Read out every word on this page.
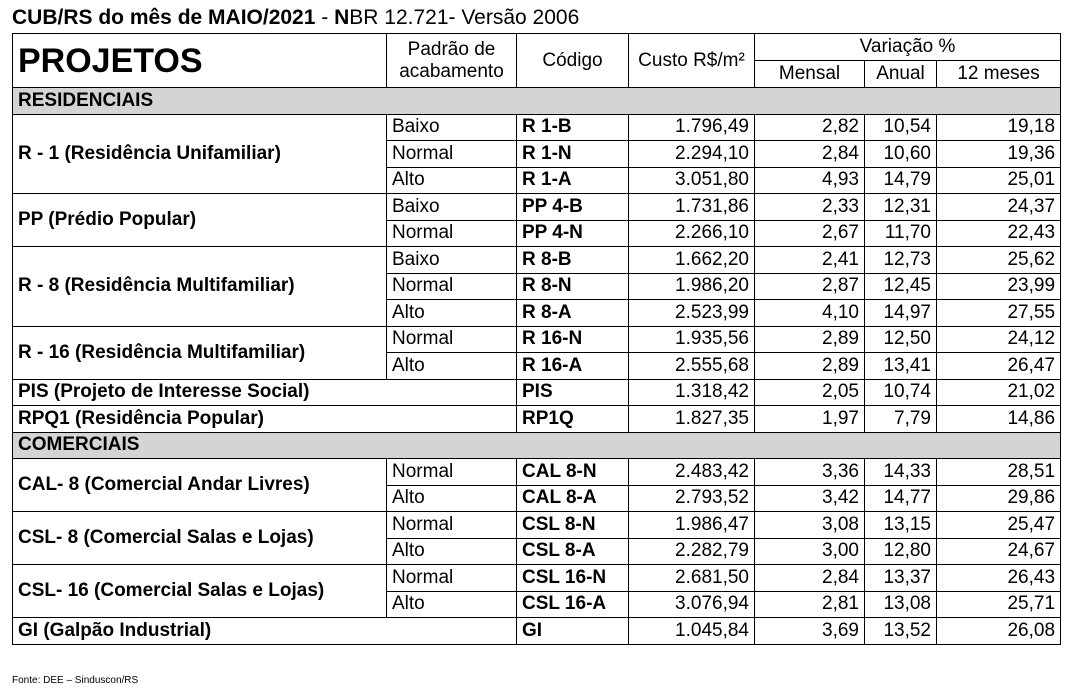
CUB/RS do mês de MAIO/2021 - NBR 12.721- Versão 2006
PROJETOS	Padrão de acabamento	Código	Custo R$/m²	Variação %		
				Mensal	Anual	12 meses
RESIDENCIAIS						
R - 1 (Residência Unifamiliar)	Baixo	R 1-B	1.796,49	2,82	10,54	19,18
	Normal	R 1-N	2.294,10	2,84	10,60	19,36
	Alto	R 1-A	3.051,80	4,93	14,79	25,01
PP (Prédio Popular)	Baixo	PP 4-B	1.731,86	2,33	12,31	24,37
	Normal	PP 4-N	2.266,10	2,67	11,70	22,43
R - 8 (Residência Multifamiliar)	Baixo	R 8-B	1.662,20	2,41	12,73	25,62
	Normal	R 8-N	1.986,20	2,87	12,45	23,99
	Alto	R 8-A	2.523,99	4,10	14,97	27,55
R - 16 (Residência Multifamiliar)	Normal	R 16-N	1.935,56	2,89	12,50	24,12
	Alto	R 16-A	2.555,68	2,89	13,41	26,47
PIS (Projeto de Interesse Social)		PIS	1.318,42	2,05	10,74	21,02
RPQ1 (Residência Popular)		RP1Q	1.827,35	1,97	7,79	14,86
COMERCIAIS						
CAL- 8 (Comercial Andar Livres)	Normal	CAL 8-N	2.483,42	3,36	14,33	28,51
	Alto	CAL 8-A	2.793,52	3,42	14,77	29,86
CSL- 8 (Comercial Salas e Lojas)	Normal	CSL 8-N	1.986,47	3,08	13,15	25,47
	Alto	CSL 8-A	2.282,79	3,00	12,80	24,67
CSL- 16 (Comercial Salas e Lojas)	Normal	CSL 16-N	2.681,50	2,84	13,37	26,43
	Alto	CSL 16-A	3.076,94	2,81	13,08	25,71
GI (Galpão Industrial)		GI	1.045,84	3,69	13,52	26,08
Fonte: DEE – Sinduscon/RS
